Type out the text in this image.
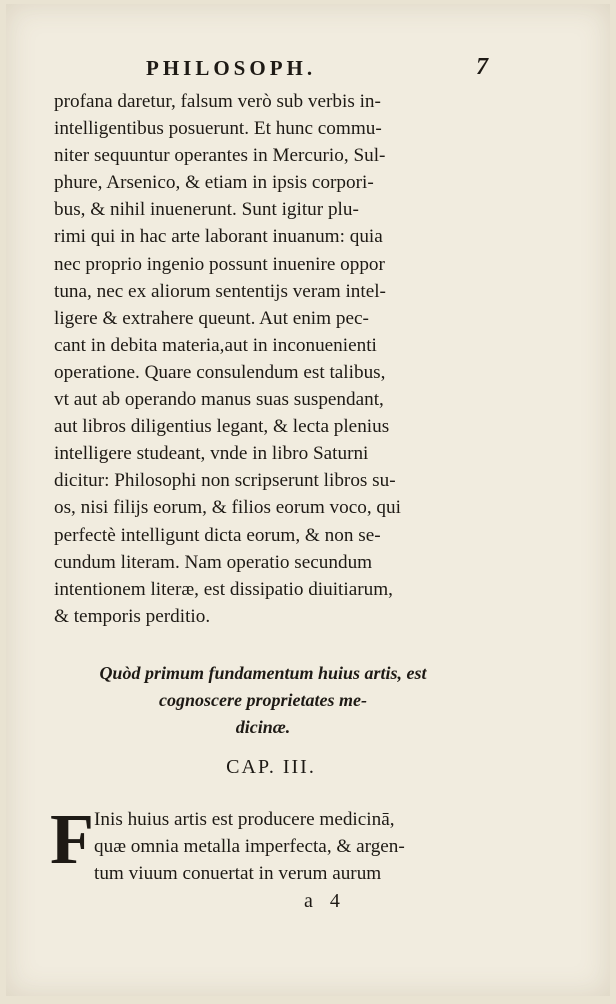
PHILOSOPH.	7
profana daretur, falsum verò sub verbis in-
intelligentibus posuerunt. Et hunc commu-
niter sequuntur operantes in Mercurio, Sul-
phure, Arsenico, & etiam in ipsis corpori-
bus, & nihil inuenerunt. Sunt igitur plu-
rimi qui in hac arte laborant inuanum: quia
nec proprio ingenio possunt inuenire oppor
tuna, nec ex aliorum sententijs veram intel-
ligere & extrahere queunt. Aut enim pec-
cant in debita materia,aut in inconuenienti
operatione. Quare consulendum est talibus,
vt aut ab operando manus suas suspendant,
aut libros diligentius legant, & lecta plenius
intelligere studeant, vnde in libro Saturni
dicitur: Philosophi non scripserunt libros su-
os, nisi filijs eorum, & filios eorum voco, qui
perfectè intelligunt dicta eorum, & non se-
cundum literam. Nam operatio secundum
intentionem literæ, est dissipatio diuitiarum,
& temporis perditio.
Quòd primum fundamentum huius artis, est
cognoscere proprietates me-
dicinæ.
CAP. III.
F Inis huius artis est producere medicinā,
quæ omnia metalla imperfecta, & argen-
tum viuum conuertat in verum aurum
a 4
